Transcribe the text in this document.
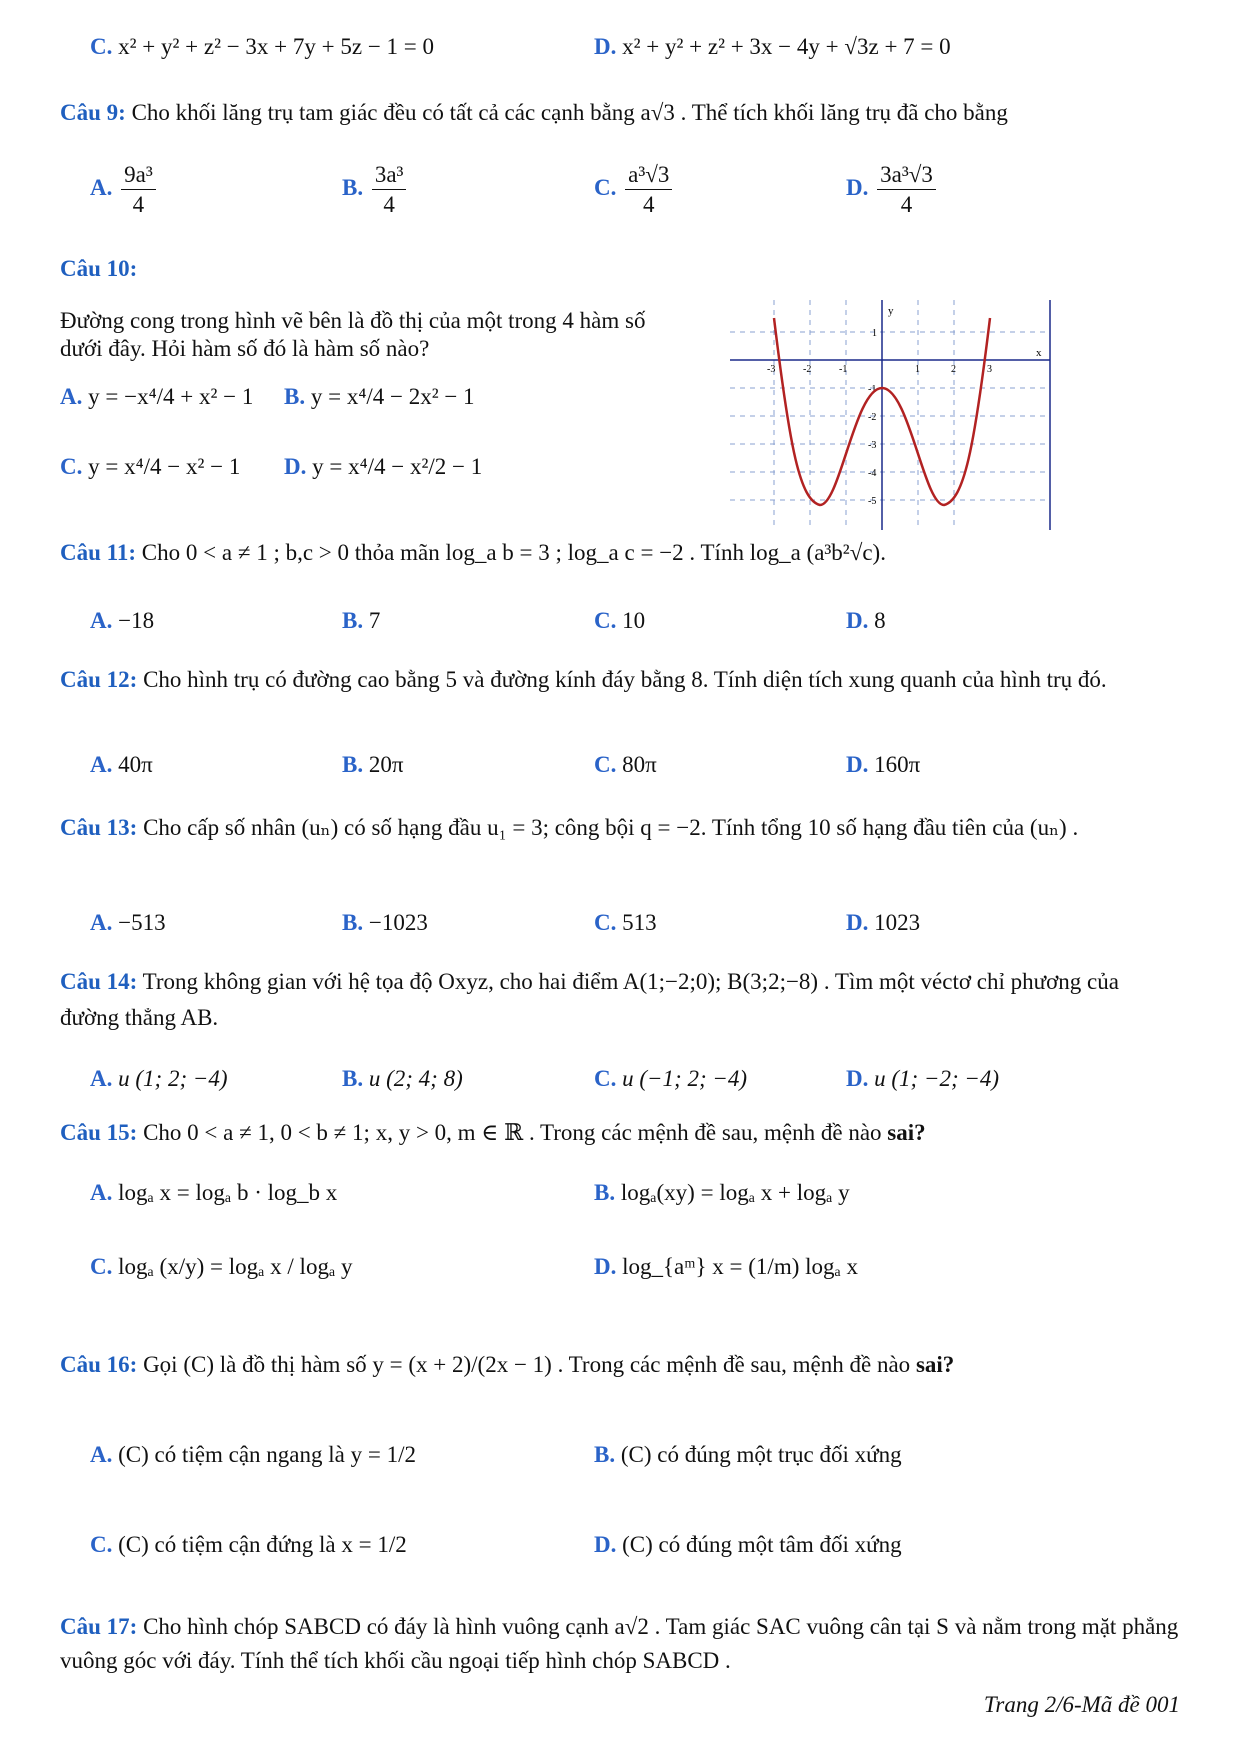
C. x² + y² + z² − 3x + 7y + 5z − 1 = 0	D. x² + y² + z² + 3x − 4y + √3z + 7 = 0
Câu 9: Cho khối lăng trụ tam giác đều có tất cả các cạnh bằng a√3 . Thể tích khối lăng trụ đã cho bằng
A. $\frac{\text{9a³}}{4}$	B. $\frac{\text{3a³}}{4}$	C. $\frac{\text{a³√3}}{4}$	D. $\frac{\text{3a³√3}}{4}$
Câu 10:
Đường cong trong hình vẽ bên là đồ thị của một trong 4 hàm số
dưới đây. Hỏi hàm số đó là hàm số nào?
A. y = −x⁴/4 + x² − 1 B. y = x⁴/4 − 2x² − 1
C. y = x⁴/4 − x² − 1 D. y = x⁴/4 − x²/2 − 1
y
x
-3	-2	-1	1	2	3
1
-1
-2
-3
-4
-5
Câu 11: Cho 0 < a ≠ 1 ; b,c > 0 thỏa mãn log_a b = 3 ; log_a c = −2 . Tính log_a (a³b²√c).
A. −18	B. 7	C. 10	D. 8
Câu 12: Cho hình trụ có đường cao bằng 5 và đường kính đáy bằng 8. Tính diện tích xung quanh của hình trụ đó.
A. 40π	B. 20π	C. 80π	D. 160π
Câu 13: Cho cấp số nhân (uₙ) có số hạng đầu u₁ = 3; công bội q = −2. Tính tổng 10 số hạng đầu tiên của (uₙ) .
A. −513	B. −1023	C. 513	D. 1023
Câu 14: Trong không gian với hệ tọa độ Oxyz, cho hai điểm A(1;−2;0); B(3;2;−8) . Tìm một véctơ chỉ phương của đường thẳng AB.
A. u (1; 2; −4)	B. u (2; 4; 8)	C. u (−1; 2; −4)	D. u (1; −2; −4)
Câu 15: Cho 0 < a ≠ 1, 0 < b ≠ 1; x, y > 0, m ∈ ℝ . Trong các mệnh đề sau, mệnh đề nào sai?
A. logₐ x = logₐ b · log_b x	B. logₐ(xy) = logₐ x + logₐ y
C. logₐ (x/y) = logₐ x / logₐ y	D. log_{aᵐ} x = (1/m) logₐ x
Câu 16: Gọi (C) là đồ thị hàm số y = (x + 2)/(2x − 1) . Trong các mệnh đề sau, mệnh đề nào sai?
A. (C) có tiệm cận ngang là y = 1/2	B. (C) có đúng một trục đối xứng
C. (C) có tiệm cận đứng là x = 1/2	D. (C) có đúng một tâm đối xứng
Câu 17: Cho hình chóp SABCD có đáy là hình vuông cạnh a√2 . Tam giác SAC vuông cân tại S và nằm trong mặt phẳng vuông góc với đáy. Tính thể tích khối cầu ngoại tiếp hình chóp SABCD .
Trang 2/6-Mã đề 001
